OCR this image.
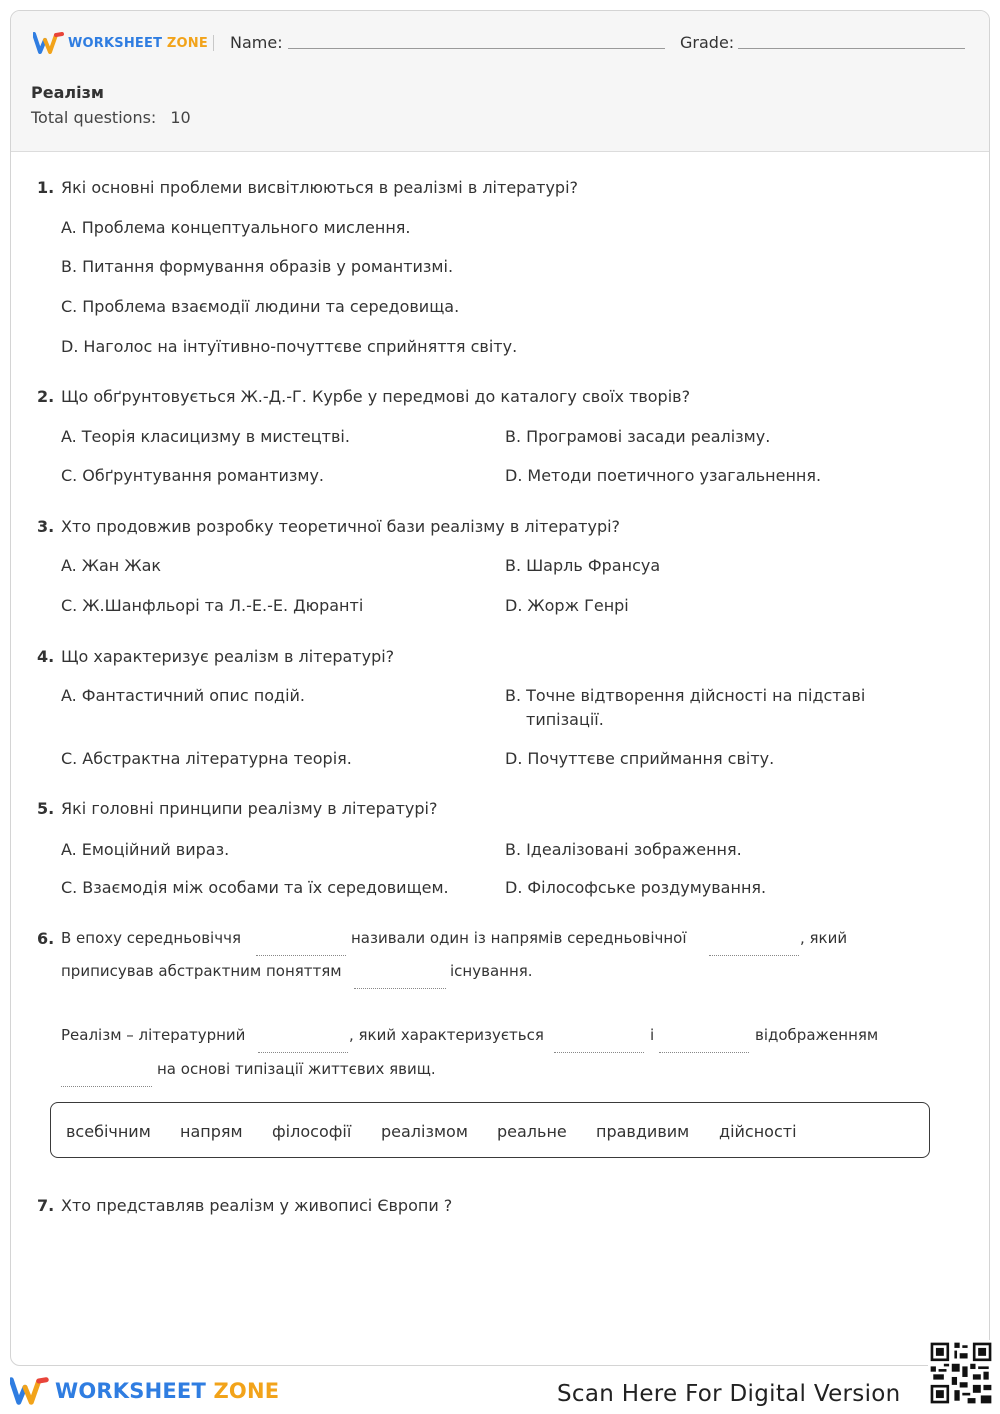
WORKSHEET ZONE Name:	Grade:
Реалізм
Total questions: 10
1. Які основні проблеми висвітлюються в реалізмі в літературі?
A. Проблема концептуального мислення.
B. Питання формування образів у романтизмі.
C. Проблема взаємодії людини та середовища.
D. Наголос на інтуїтивно-почуттєве сприйняття світу.
2. Що обґрунтовується Ж.-Д.-Г. Курбе у передмові до каталогу своїх творів?
A. Теорія класицизму в мистецтві.	B. Програмові засади реалізму.
C. Обґрунтування романтизму.	D. Методи поетичного узагальнення.
3. Хто продовжив розробку теоретичної бази реалізму в літературі?
A. Жан Жак	B. Шарль Франсуа
C. Ж.Шанфльорі та Л.-Е.-Е. Дюранті	D. Жорж Генрі
4. Що характеризує реалізм в літературі?
A. Фантастичний опис подій.	B. Точне відтворення дійсності на підставі типізації.
C. Абстрактна літературна теорія.	D. Почуттєве сприймання світу.
5. Які головні принципи реалізму в літературі?
A. Емоційний вираз.	B. Ідеалізовані зображення.
C. Взаємодія між особами та їх середовищем.	D. Філософське роздумування.
6. В епоху середньовіччя	називали один із напрямів середньовічної	, який
приписував абстрактним поняттям	існування.
Реалізм – літературний	, який характеризується	і	відображенням
на основі типізації життєвих явищ.
всебічним напрям філософії реалізмом реальне правдивим дійсності
7. Хто представляв реалізм у живописі Європи ?
WORKSHEET ZONE	Scan Here For Digital Version
